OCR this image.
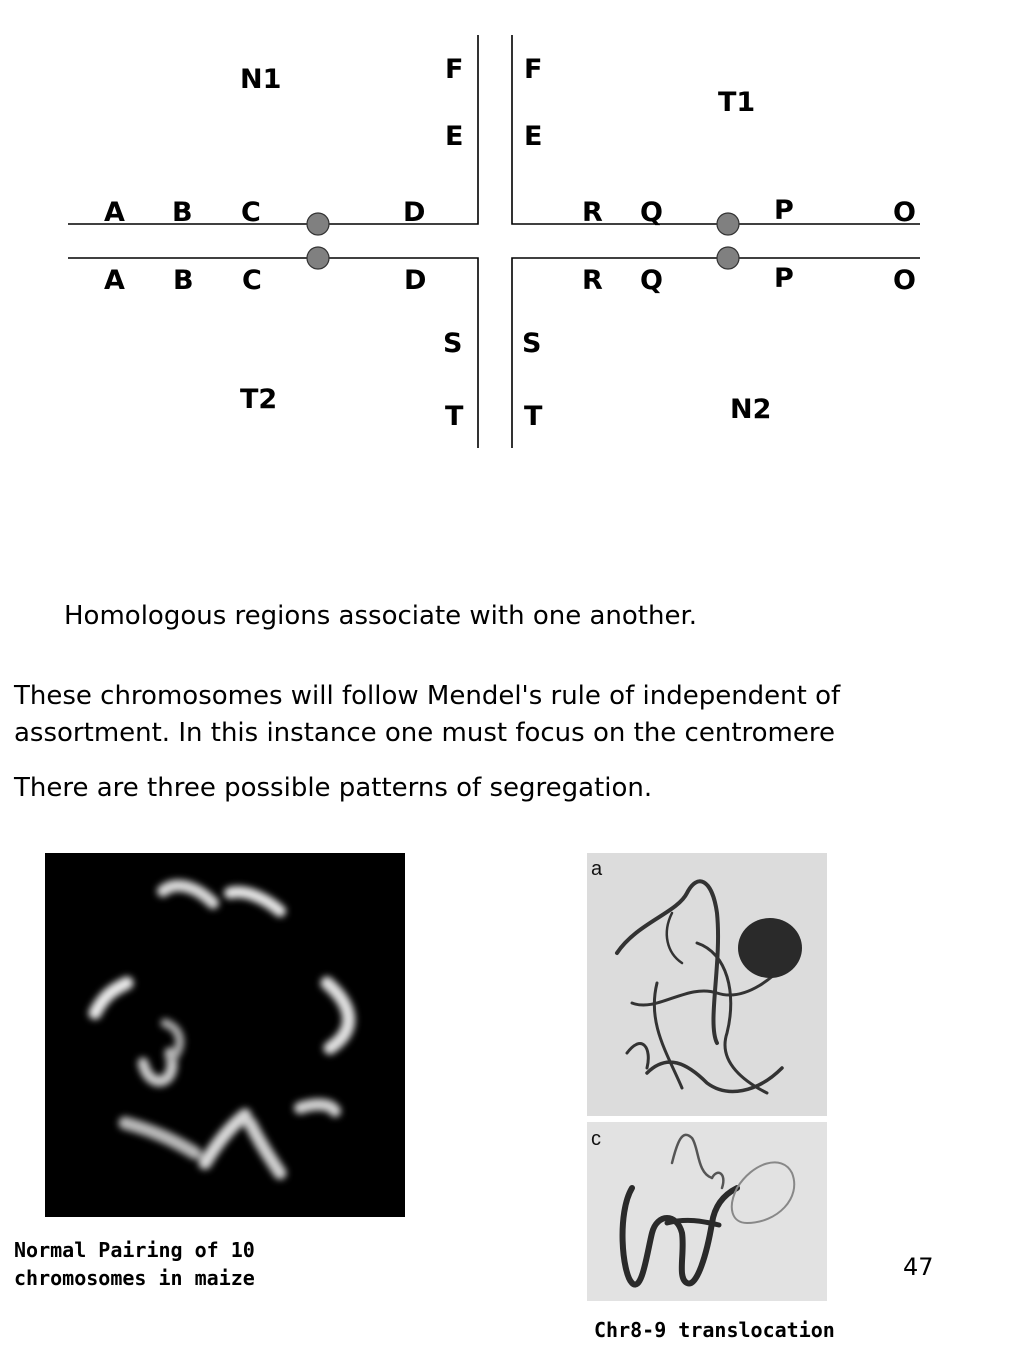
N1
T1
T2	N2
F F
E E
S S
T T
A B C	D	R Q	P	O
A B C	D	R Q	P	O

Homologous regions associate with one another.

These chromosomes will follow Mendel's rule of independent of

assortment. In this instance one must focus on the centromere

There are three possible patterns of segregation.

Normal Pairing of 10

chromosomes in maize

a
c

Chr8-9 translocation

47
